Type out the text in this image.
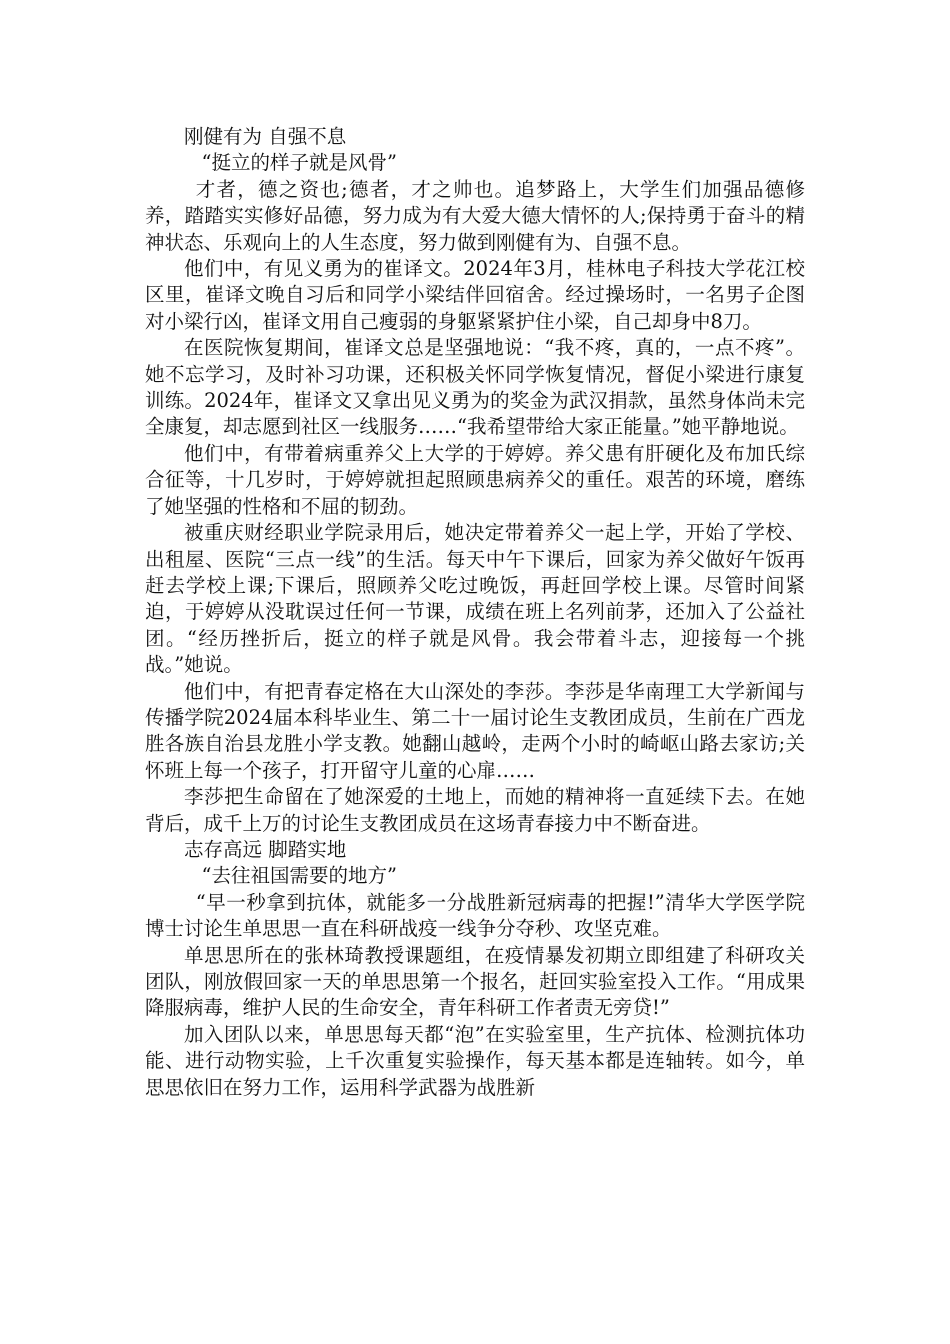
刚健有为 自强不息

“挺立的样子就是风骨”

才者，德之资也;德者，才之帅也。追梦路上，大学生们加强品德修养，踏踏实实修好品德，努力成为有大爱大德大情怀的人;保持勇于奋斗的精神状态、乐观向上的人生态度，努力做到刚健有为、自强不息。

他们中，有见义勇为的崔译文。2024年3月，桂林电子科技大学花江校区里，崔译文晚自习后和同学小梁结伴回宿舍。经过操场时，一名男子企图对小梁行凶，崔译文用自己瘦弱的身躯紧紧护住小梁，自己却身中8刀。

在医院恢复期间，崔译文总是坚强地说：“我不疼，真的，一点不疼”。她不忘学习，及时补习功课，还积极关怀同学恢复情况，督促小梁进行康复训练。2024年，崔译文又拿出见义勇为的奖金为武汉捐款，虽然身体尚未完全康复，却志愿到社区一线服务……“我希望带给大家正能量。”她平静地说。

他们中，有带着病重养父上大学的于婷婷。养父患有肝硬化及布加氏综合征等，十几岁时，于婷婷就担起照顾患病养父的重任。艰苦的环境，磨练了她坚强的性格和不屈的韧劲。

被重庆财经职业学院录用后，她决定带着养父一起上学，开始了学校、出租屋、医院“三点一线”的生活。每天中午下课后，回家为养父做好午饭再赶去学校上课;下课后，照顾养父吃过晚饭，再赶回学校上课。尽管时间紧迫，于婷婷从没耽误过任何一节课，成绩在班上名列前茅，还加入了公益社团。“经历挫折后，挺立的样子就是风骨。我会带着斗志，迎接每一个挑战。”她说。

他们中，有把青春定格在大山深处的李莎。李莎是华南理工大学新闻与传播学院2024届本科毕业生、第二十一届讨论生支教团成员，生前在广西龙胜各族自治县龙胜小学支教。她翻山越岭，走两个小时的崎岖山路去家访;关怀班上每一个孩子，打开留守儿童的心扉……

李莎把生命留在了她深爱的土地上，而她的精神将一直延续下去。在她背后，成千上万的讨论生支教团成员在这场青春接力中不断奋进。

志存高远 脚踏实地

“去往祖国需要的地方”

“早一秒拿到抗体，就能多一分战胜新冠病毒的把握!”清华大学医学院博士讨论生单思思一直在科研战疫一线争分夺秒、攻坚克难。

单思思所在的张林琦教授课题组，在疫情暴发初期立即组建了科研攻关团队，刚放假回家一天的单思思第一个报名，赶回实验室投入工作。“用成果降服病毒，维护人民的生命安全，青年科研工作者责无旁贷!”

加入团队以来，单思思每天都“泡”在实验室里，生产抗体、检测抗体功能、进行动物实验，上千次重复实验操作，每天基本都是连轴转。如今，单思思依旧在努力工作，运用科学武器为战胜新
